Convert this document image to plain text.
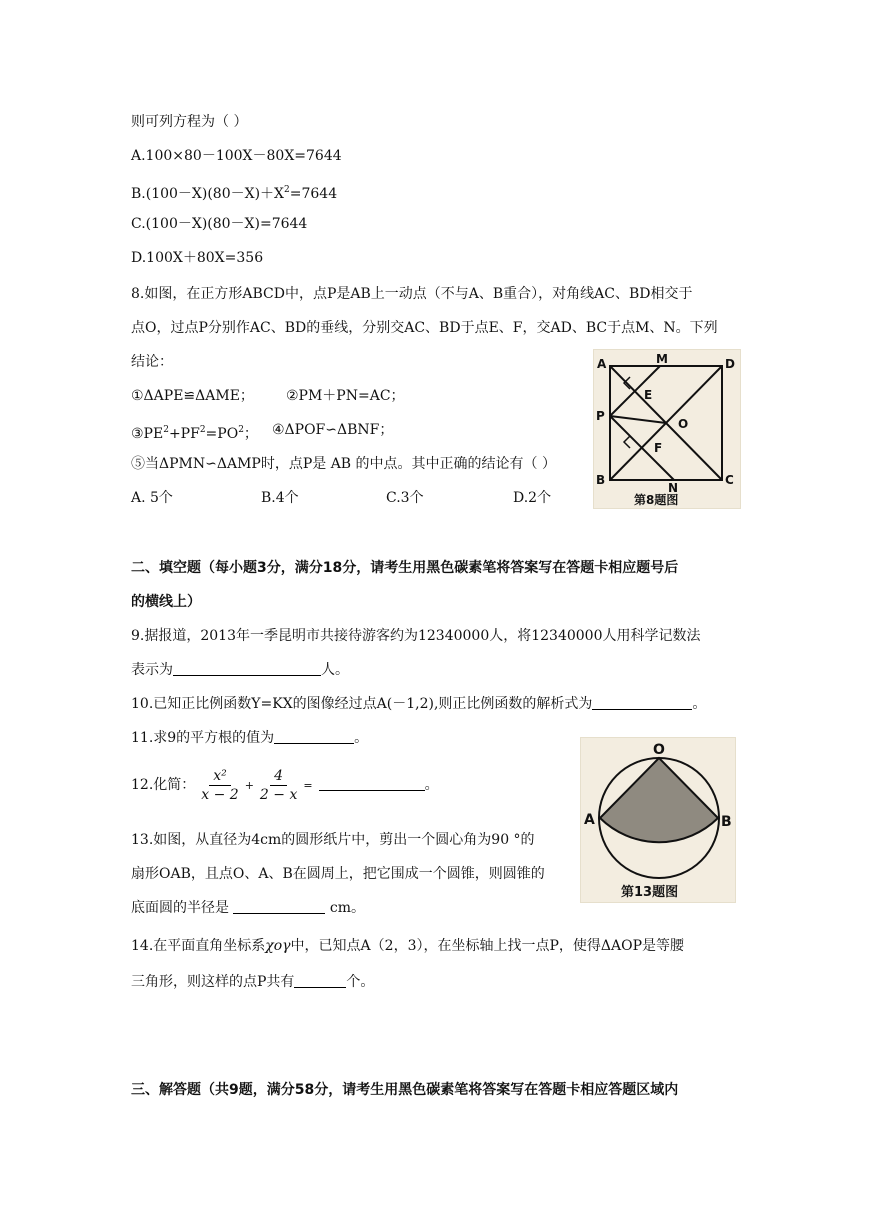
则可列方程为（ ）
A.100×80－100X－80X=7644
$B.(100-X)(80-X)+X^2=7644$
C.(100－X)(80－X)=7644
D.100X＋80X=356
8.如图，在正方形ABCD中，点P是AB上一动点（不与A、B重合），对角线AC、BD相交于
点O，过点P分别作AC、BD的垂线，分别交AC、BD于点E、F，交AD、BC于点M、N。下列
结论：
①ΔAPE≌ΔAME； ②PM＋PN=AC；
$③PE^2+PF^2=PO^2$； ④ΔPOF∽ΔBNF；
⑤当ΔPMN∽ΔAMP时，点P是 AB 的中点。其中正确的结论有（ ）
A. 5个	B.4个	C.3个	D.2个
A	M	D
E
P
O
F
B
N
C
第8题图
二、填空题（每小题3分，满分18分，请考生用黑色碳素笔将答案写在答题卡相应题号后
的横线上）
9.据报道，2013年一季昆明市共接待游客约为12340000人，将12340000人用科学记数法
表示为	人。
10.已知正比例函数Y=KX的图像经过点A(－1,2),则正比例函数的解析式为	。
11.求9的平方根的值为	。
12.化简： $\frac{\text{x²}}{x - 2} + \frac{4}{2 - x}$ =	。
13.如图，从直径为4cm的圆形纸片中，剪出一个圆心角为90 °的
扇形OAB，且点O、A、B在圆周上，把它围成一个圆锥，则圆锥的
底面圆的半径是	cm。
O
A	B
第13题图
14.在平面直角坐标系χογ中，已知点A（2，3），在坐标轴上找一点P，使得ΔAOP是等腰
三角形，则这样的点P共有	个。
三、解答题（共9题，满分58分，请考生用黑色碳素笔将答案写在答题卡相应答题区域内
